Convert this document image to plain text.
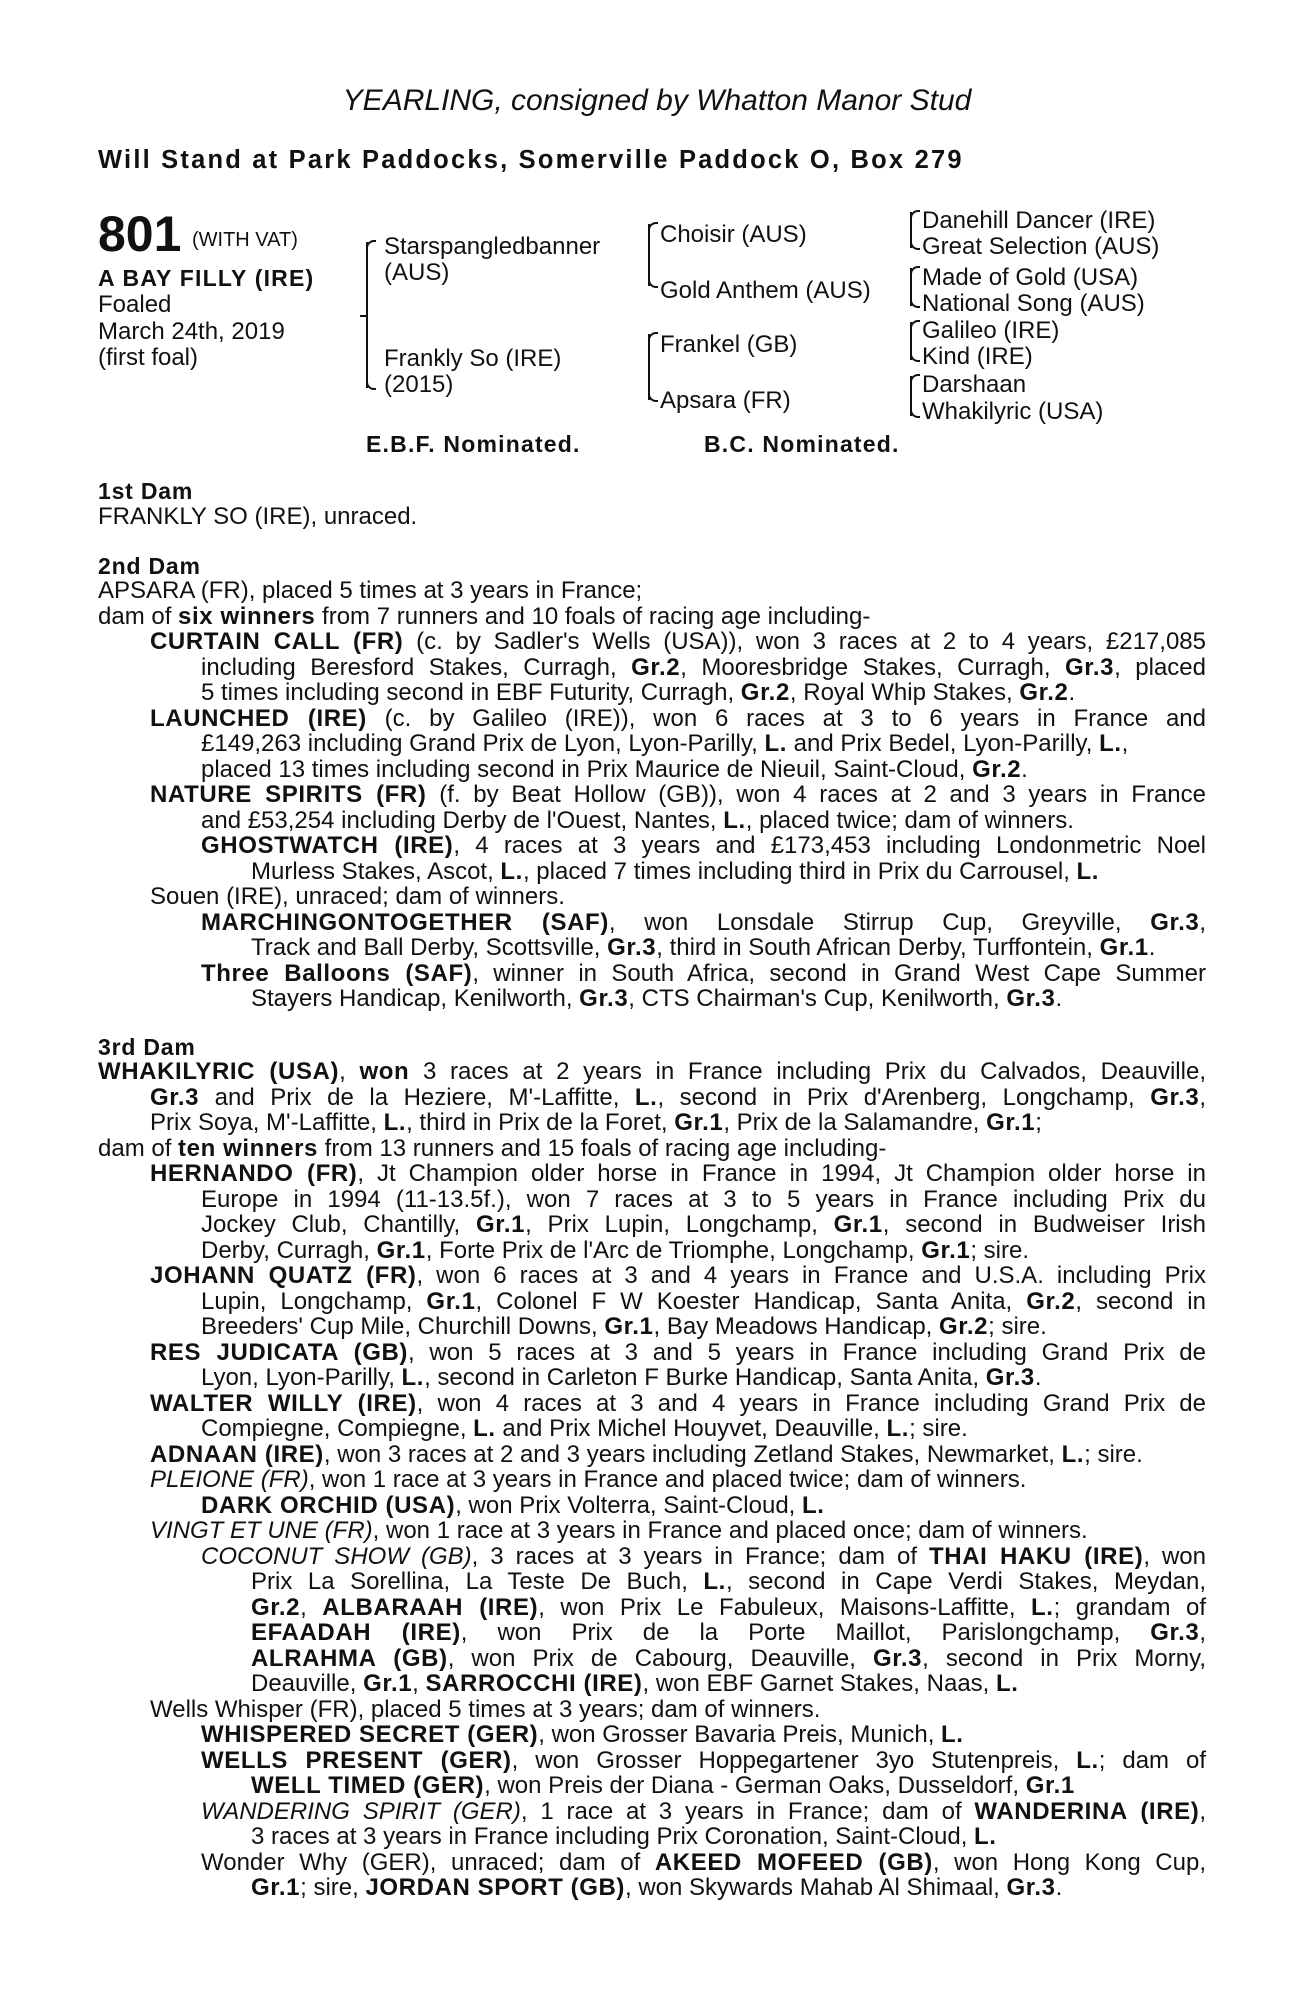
YEARLING, consigned by Whatton Manor Stud
Will Stand at Park Paddocks, Somerville Paddock O, Box 279
801 (WITH VAT)
A BAY FILLY (IRE)
Foaled
March 24th, 2019
(first foal)
Starspangledbanner
(AUS)
Frankly So (IRE)
(2015)
Choisir (AUS)
Gold Anthem (AUS)
Frankel (GB)
Apsara (FR)
Danehill Dancer (IRE)
Great Selection (AUS)
Made of Gold (USA)
National Song (AUS)
Galileo (IRE)
Kind (IRE)
Darshaan
Whakilyric (USA)
E.B.F. Nominated.	B.C. Nominated.
1st Dam
FRANKLY SO (IRE), unraced.
2nd Dam
APSARA (FR), placed 5 times at 3 years in France;
dam of six winners from 7 runners and 10 foals of racing age including-
CURTAIN CALL (FR) (c. by Sadler's Wells (USA)), won 3 races at 2 to 4 years, £217,085
including Beresford Stakes, Curragh, Gr.2, Mooresbridge Stakes, Curragh, Gr.3, placed
5 times including second in EBF Futurity, Curragh, Gr.2, Royal Whip Stakes, Gr.2.
LAUNCHED (IRE) (c. by Galileo (IRE)), won 6 races at 3 to 6 years in France and
£149,263 including Grand Prix de Lyon, Lyon-Parilly, L. and Prix Bedel, Lyon-Parilly, L.,
placed 13 times including second in Prix Maurice de Nieuil, Saint-Cloud, Gr.2.
NATURE SPIRITS (FR) (f. by Beat Hollow (GB)), won 4 races at 2 and 3 years in France
and £53,254 including Derby de l'Ouest, Nantes, L., placed twice; dam of winners.
GHOSTWATCH (IRE), 4 races at 3 years and £173,453 including Londonmetric Noel
Murless Stakes, Ascot, L., placed 7 times including third in Prix du Carrousel, L.
Souen (IRE), unraced; dam of winners.
MARCHINGONTOGETHER (SAF), won Lonsdale Stirrup Cup, Greyville, Gr.3,
Track and Ball Derby, Scottsville, Gr.3, third in South African Derby, Turffontein, Gr.1.
Three Balloons (SAF), winner in South Africa, second in Grand West Cape Summer
Stayers Handicap, Kenilworth, Gr.3, CTS Chairman's Cup, Kenilworth, Gr.3.
3rd Dam
WHAKILYRIC (USA), won 3 races at 2 years in France including Prix du Calvados, Deauville,
Gr.3 and Prix de la Heziere, M'-Laffitte, L., second in Prix d'Arenberg, Longchamp, Gr.3,
Prix Soya, M'-Laffitte, L., third in Prix de la Foret, Gr.1, Prix de la Salamandre, Gr.1;
dam of ten winners from 13 runners and 15 foals of racing age including-
HERNANDO (FR), Jt Champion older horse in France in 1994, Jt Champion older horse in
Europe in 1994 (11-13.5f.), won 7 races at 3 to 5 years in France including Prix du
Jockey Club, Chantilly, Gr.1, Prix Lupin, Longchamp, Gr.1, second in Budweiser Irish
Derby, Curragh, Gr.1, Forte Prix de l'Arc de Triomphe, Longchamp, Gr.1; sire.
JOHANN QUATZ (FR), won 6 races at 3 and 4 years in France and U.S.A. including Prix
Lupin, Longchamp, Gr.1, Colonel F W Koester Handicap, Santa Anita, Gr.2, second in
Breeders' Cup Mile, Churchill Downs, Gr.1, Bay Meadows Handicap, Gr.2; sire.
RES JUDICATA (GB), won 5 races at 3 and 5 years in France including Grand Prix de
Lyon, Lyon-Parilly, L., second in Carleton F Burke Handicap, Santa Anita, Gr.3.
WALTER WILLY (IRE), won 4 races at 3 and 4 years in France including Grand Prix de
Compiegne, Compiegne, L. and Prix Michel Houyvet, Deauville, L.; sire.
ADNAAN (IRE), won 3 races at 2 and 3 years including Zetland Stakes, Newmarket, L.; sire.
PLEIONE (FR), won 1 race at 3 years in France and placed twice; dam of winners.
DARK ORCHID (USA), won Prix Volterra, Saint-Cloud, L.
VINGT ET UNE (FR), won 1 race at 3 years in France and placed once; dam of winners.
COCONUT SHOW (GB), 3 races at 3 years in France; dam of THAI HAKU (IRE), won
Prix La Sorellina, La Teste De Buch, L., second in Cape Verdi Stakes, Meydan,
Gr.2, ALBARAAH (IRE), won Prix Le Fabuleux, Maisons-Laffitte, L.; grandam of
EFAADAH (IRE), won Prix de la Porte Maillot, Parislongchamp, Gr.3,
ALRAHMA (GB), won Prix de Cabourg, Deauville, Gr.3, second in Prix Morny,
Deauville, Gr.1, SARROCCHI (IRE), won EBF Garnet Stakes, Naas, L.
Wells Whisper (FR), placed 5 times at 3 years; dam of winners.
WHISPERED SECRET (GER), won Grosser Bavaria Preis, Munich, L.
WELLS PRESENT (GER), won Grosser Hoppegartener 3yo Stutenpreis, L.; dam of
WELL TIMED (GER), won Preis der Diana - German Oaks, Dusseldorf, Gr.1
WANDERING SPIRIT (GER), 1 race at 3 years in France; dam of WANDERINA (IRE),
3 races at 3 years in France including Prix Coronation, Saint-Cloud, L.
Wonder Why (GER), unraced; dam of AKEED MOFEED (GB), won Hong Kong Cup,
Gr.1; sire, JORDAN SPORT (GB), won Skywards Mahab Al Shimaal, Gr.3.
